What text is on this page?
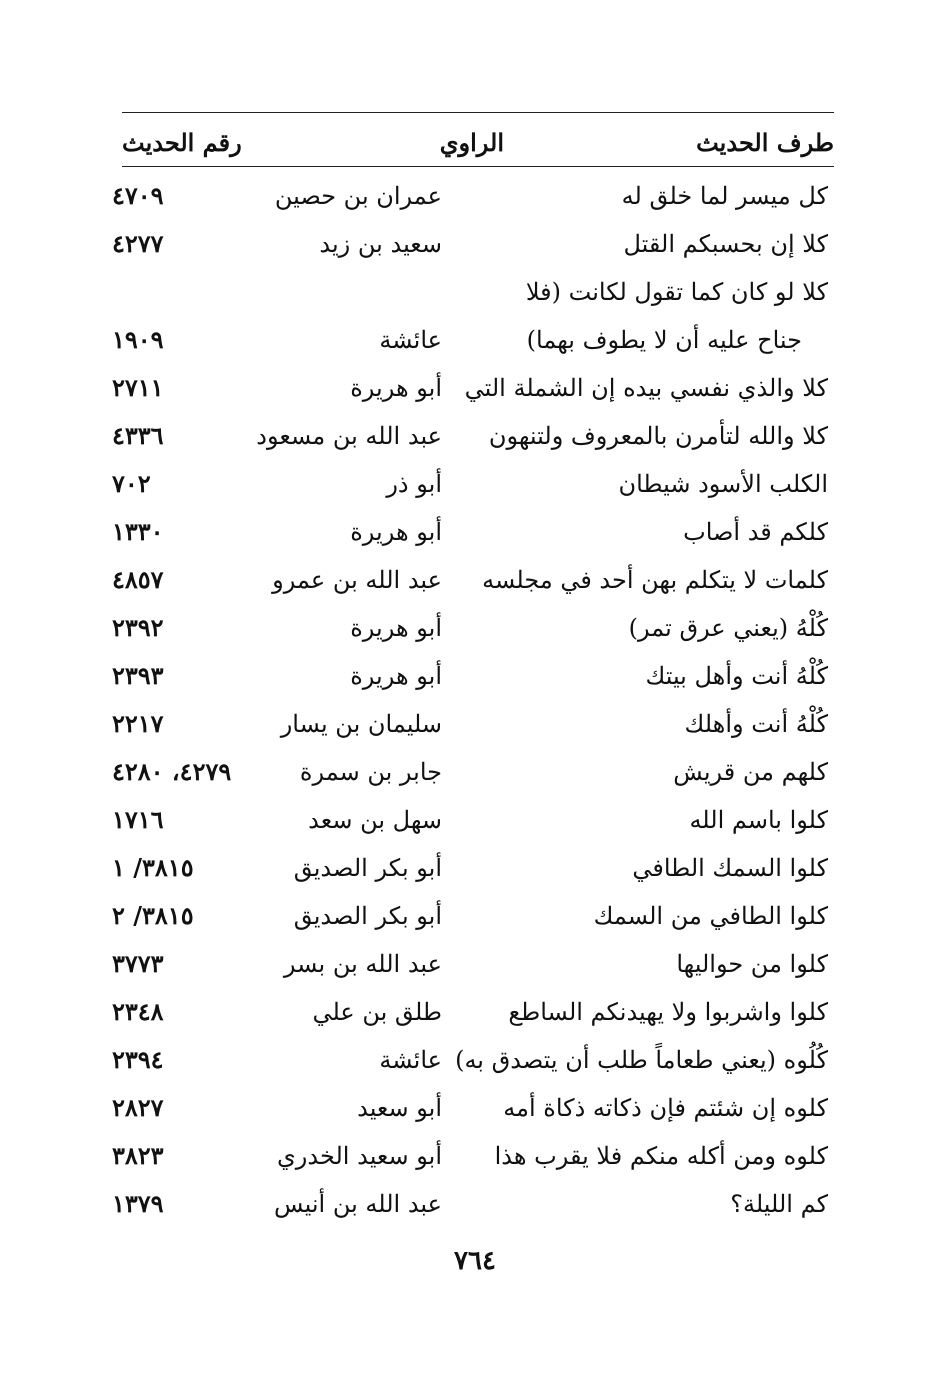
طرف الحديث
الراوي
رقم الحديث
كل ميسر لما خلق له
عمران بن حصين
٤٧٠٩
كلا إن بحسبكم القتل
سعيد بن زيد
٤٢٧٧
كلا لو كان كما تقول لكانت (فلا
جناح عليه أن لا يطوف بهما)
عائشة
١٩٠٩
كلا والذي نفسي بيده إن الشملة التي
أبو هريرة
٢٧١١
كلا والله لتأمرن بالمعروف ولتنهون
عبد الله بن مسعود
٤٣٣٦
الكلب الأسود شيطان
أبو ذر
٧٠٢
كلكم قد أصاب
أبو هريرة
١٣٣٠
كلمات لا يتكلم بهن أحد في مجلسه
عبد الله بن عمرو
٤٨٥٧
كُلْهُ (يعني عرق تمر)
أبو هريرة
٢٣٩٢
كُلْهُ أنت وأهل بيتك
أبو هريرة
٢٣٩٣
كُلْهُ أنت وأهلك
سليمان بن يسار
٢٢١٧
كلهم من قريش
جابر بن سمرة
٤٢٧٩، ٤٢٨٠
كلوا باسم الله
سهل بن سعد
١٧١٦
كلوا السمك الطافي
أبو بكر الصديق
٣٨١٥/ ١
كلوا الطافي من السمك
أبو بكر الصديق
٣٨١٥/ ٢
كلوا من حواليها
عبد الله بن بسر
٣٧٧٣
كلوا واشربوا ولا يهيدنكم الساطع
طلق بن علي
٢٣٤٨
كُلُوه (يعني طعاماً طلب أن يتصدق به)
عائشة
٢٣٩٤
كلوه إن شئتم فإن ذكاته ذكاة أمه
أبو سعيد
٢٨٢٧
كلوه ومن أكله منكم فلا يقرب هذا
أبو سعيد الخدري
٣٨٢٣
كم الليلة؟
عبد الله بن أنيس
١٣٧٩
٧٦٤
